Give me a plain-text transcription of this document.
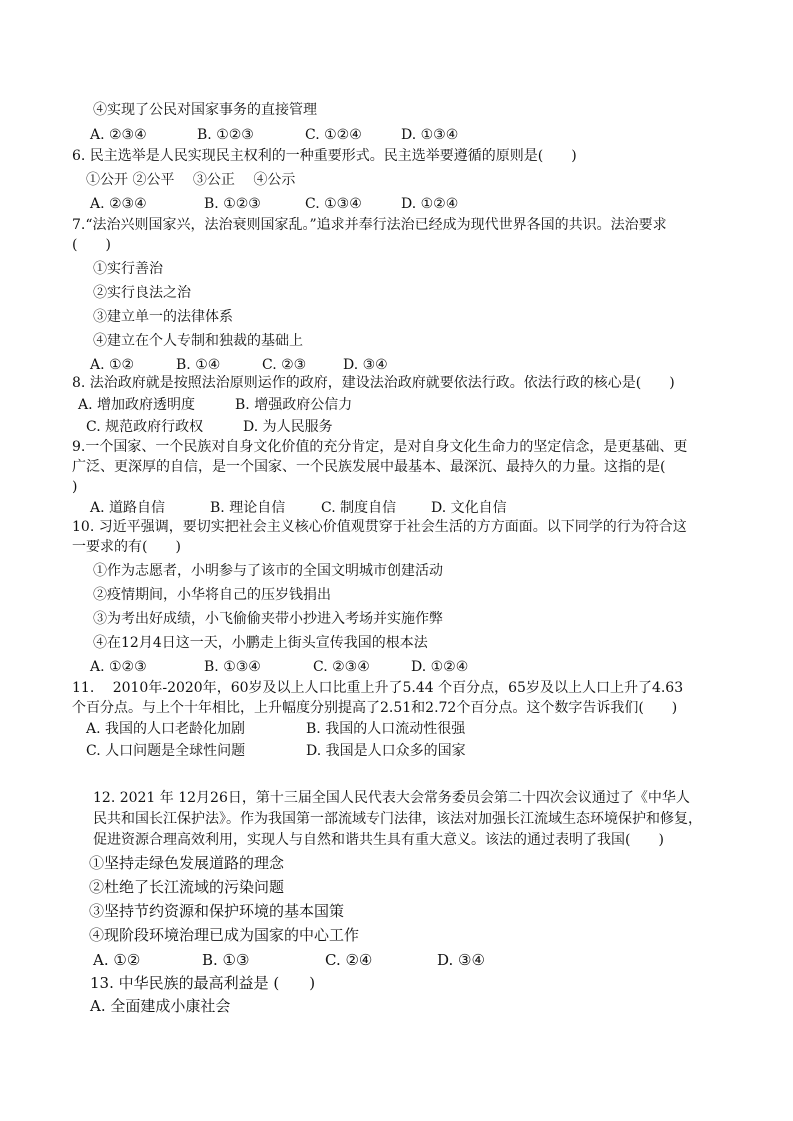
④实现了公民对国家事务的直接管理
A. ②③④	B. ①②③	C. ①②④	D. ①③④
6. 民主选举是人民实现民主权利的一种重要形式。民主选举要遵循的原则是(　　)
①公开 ②公平　 ③公正　 ④公示
A. ②③④	B. ①②③	C. ①③④	D. ①②④
7.“法治兴则国家兴，法治衰则国家乱。”追求并奉行法治已经成为现代世界各国的共识。法治要求
(　　)
①实行善治
②实行良法之治
③建立单一的法律体系
④建立在个人专制和独裁的基础上
A. ①②	B. ①④	C. ②③	D. ③④
8. 法治政府就是按照法治原则运作的政府，建设法治政府就要依法行政。依法行政的核心是(　　)
A. 增加政府透明度	B. 增强政府公信力
C. 规范政府行政权	D. 为人民服务
9.一个国家、一个民族对自身文化价值的充分肯定，是对自身文化生命力的坚定信念，是更基础、更
广泛、更深厚的自信，是一个国家、一个民族发展中最基本、最深沉、最持久的力量。这指的是(
)
A. 道路自信	B. 理论自信	C. 制度自信 D. 文化自信
10. 习近平强调，要切实把社会主义核心价值观贯穿于社会生活的方方面面。以下同学的行为符合这
一要求的有(　　)
①作为志愿者，小明参与了该市的全国文明城市创建活动
②疫情期间，小华将自己的压岁钱捐出
③为考出好成绩，小飞偷偷夹带小抄进入考场并实施作弊
④在12月4日这一天，小鹏走上街头宣传我国的根本法
A. ①②③	B. ①③④	C. ②③④	D. ①②④
11.　 2010年-2020年，60岁及以上人口比重上升了5.44 个百分点，65岁及以上人口上升了4.63
个百分点。与上个十年相比，上升幅度分别提高了2.51和2.72个百分点。这个数字告诉我们(　　)
A. 我国的人口老龄化加剧	B. 我国的人口流动性很强
C. 人口问题是全球性问题	D. 我国是人口众多的国家
12. 2021 年 12月26日，第十三届全国人民代表大会常务委员会第二十四次会议通过了《中华人
民共和国长江保护法》。作为我国第一部流域专门法律，该法对加强长江流域生态环境保护和修复，
促进资源合理高效利用，实现人与自然和谐共生具有重大意义。该法的通过表明了我国(　　)
①坚持走绿色发展道路的理念
②杜绝了长江流域的污染问题
③坚持节约资源和保护环境的基本国策
④现阶段环境治理已成为国家的中心工作
A. ①②	B. ①③	C. ②④	D. ③④
13. 中华民族的最高利益是 (　　)
A. 全面建成小康社会
